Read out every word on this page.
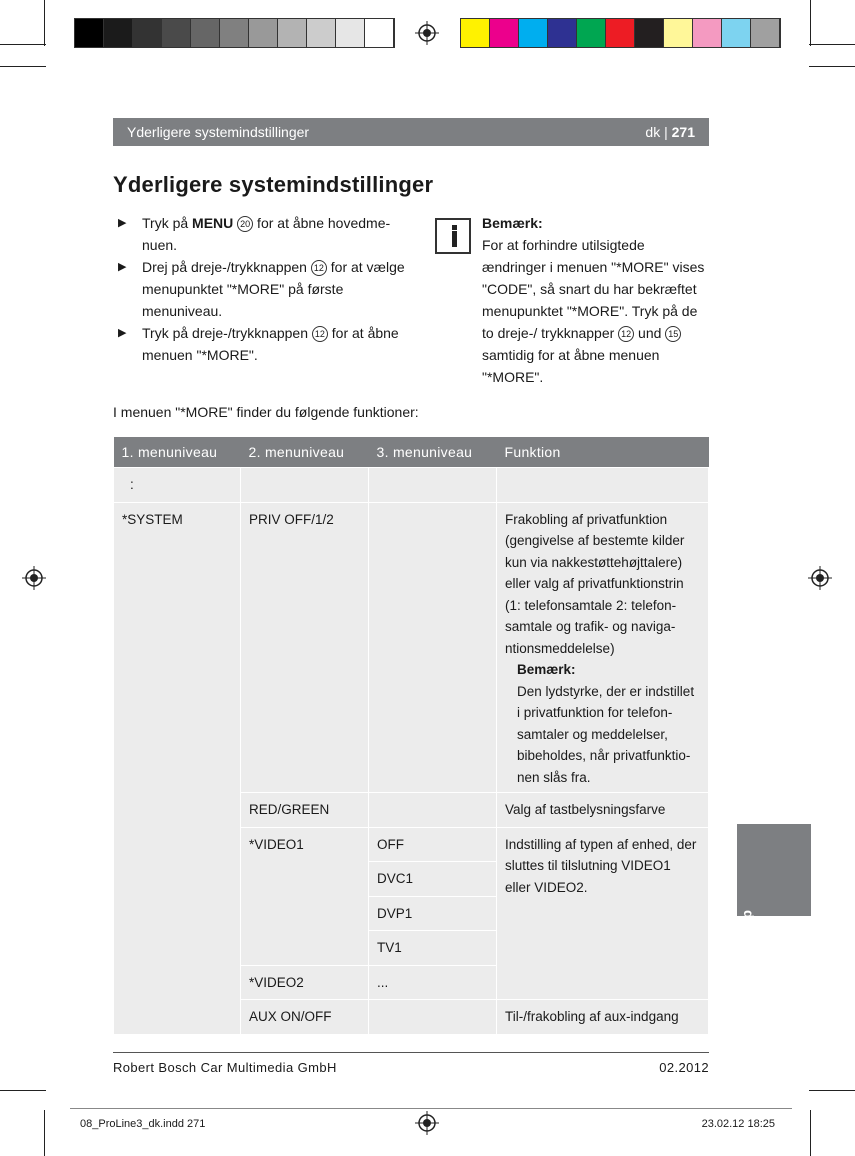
Yderligere systemindstillinger	dk | 271
Yderligere systemindstillinger
▶ Tryk på MENU 20 for at åbne hovedme-nuen.
▶ Drej på dreje-/trykknappen 12 for at vælge menupunktet "*MORE" på første menuniveau.
▶ Tryk på dreje-/trykknappen 12 for at åbne menuen "*MORE".
Bemærk:
For at forhindre utilsigtede ændringer i menuen "*MORE" vises "CODE", så snart du har bekræftet menupunktet "*MORE". Tryk på de to dreje-/ trykknapper 12 und 15 samtidig for at åbne menuen "*MORE".
I menuen "*MORE" finder du følgende funktioner:
1. menuniveau	2. menuniveau	3. menuniveau	Funktion
:			
*SYSTEM	PRIV OFF/1/2		Frakobling af privatfunktion (gengivelse af bestemte kilder kun via nakkestøttehøjttalere) eller valg af privatfunktionstrin (1: telefonsamtale 2: telefon-samtale og trafik- og naviga-ntionsmeddelelse)
Bemærk:
Den lydstyrke, der er indstillet i privatfunktion for telefon-samtaler og meddelelser, bibeholdes, når privatfunktio-nen slås fra.

	RED/GREEN		Valg af tastbelysningsfarve
	*VIDEO1	OFF	Indstilling af typen af enhed, der sluttes til tilslutning VIDEO1 eller VIDEO2.
		DVC1	
		DVP1	
		TV1	
	*VIDEO2	...	
	AUX ON/OFF		Til-/frakobling af aux-indgang
dk
Robert Bosch Car Multimedia GmbH	02.2012
08_ProLine3_dk.indd 271	23.02.12 18:25
